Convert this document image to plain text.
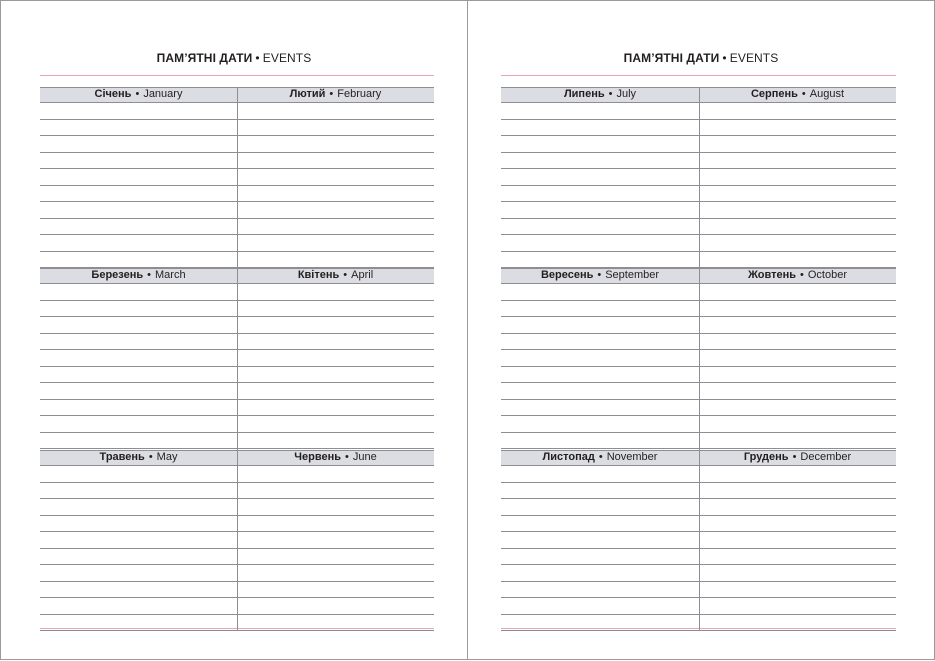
ПАМ’ЯТНІ ДАТИ • EVENTS
Січень • January	Лютий • February
Березень • March	Квітень • April
Травень • May	Червень • June
ПАМ’ЯТНІ ДАТИ • EVENTS
Липень • July	Серпень • August
Вересень • September	Жовтень • October
Листопад • November	Грудень • December
